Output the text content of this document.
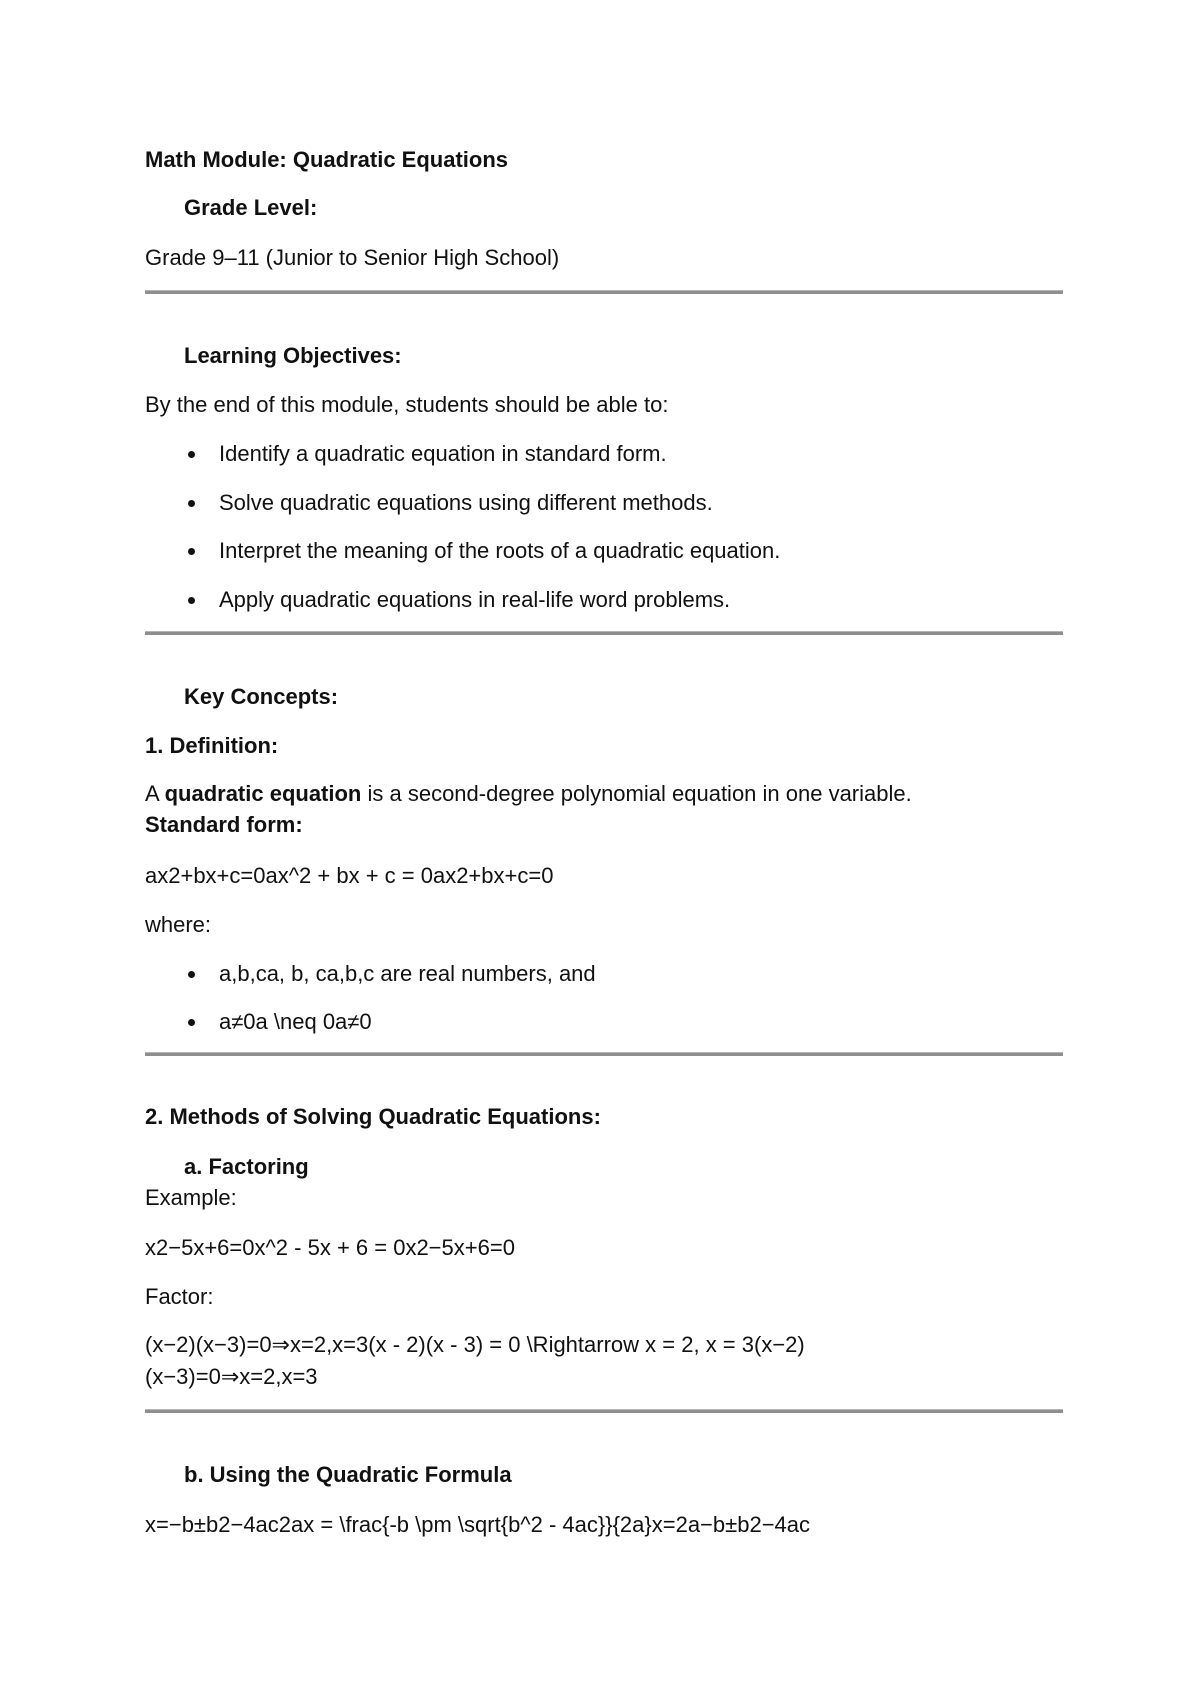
Math Module: Quadratic Equations
Grade Level:
Grade 9–11 (Junior to Senior High School)
Learning Objectives:
By the end of this module, students should be able to:
Identify a quadratic equation in standard form.
Solve quadratic equations using different methods.
Interpret the meaning of the roots of a quadratic equation.
Apply quadratic equations in real-life word problems.
Key Concepts:
1. Definition:
A quadratic equation is a second-degree polynomial equation in one variable.
Standard form:
ax2+bx+c=0ax^2 + bx + c = 0ax2+bx+c=0
where:
a,b,ca, b, ca,b,c are real numbers, and
a≠0a \neq 0a≠0
2. Methods of Solving Quadratic Equations:
a. Factoring
Example:
x2−5x+6=0x^2 - 5x + 6 = 0x2−5x+6=0
Factor:
(x−2)(x−3)=0⇒x=2,x=3(x - 2)(x - 3) = 0 \Rightarrow x = 2, x = 3(x−2)
(x−3)=0⇒x=2,x=3
b. Using the Quadratic Formula
x=−b±b2−4ac2ax = \frac{-b \pm \sqrt{b^2 - 4ac}}{2a}x=2a−b±b2−4ac
